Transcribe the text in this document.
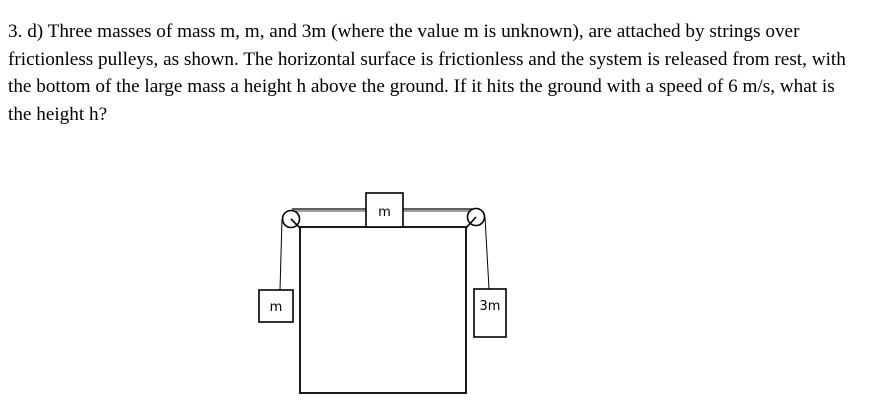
3. d) Three masses of mass m, m, and 3m (where the value m is unknown), are attached by strings over frictionless pulleys, as shown. The horizontal surface is frictionless and the system is released from rest, with the bottom of the large mass a height h above the ground. If it hits the ground with a speed of 6 m/s, what is the height h?

m
m	3m
